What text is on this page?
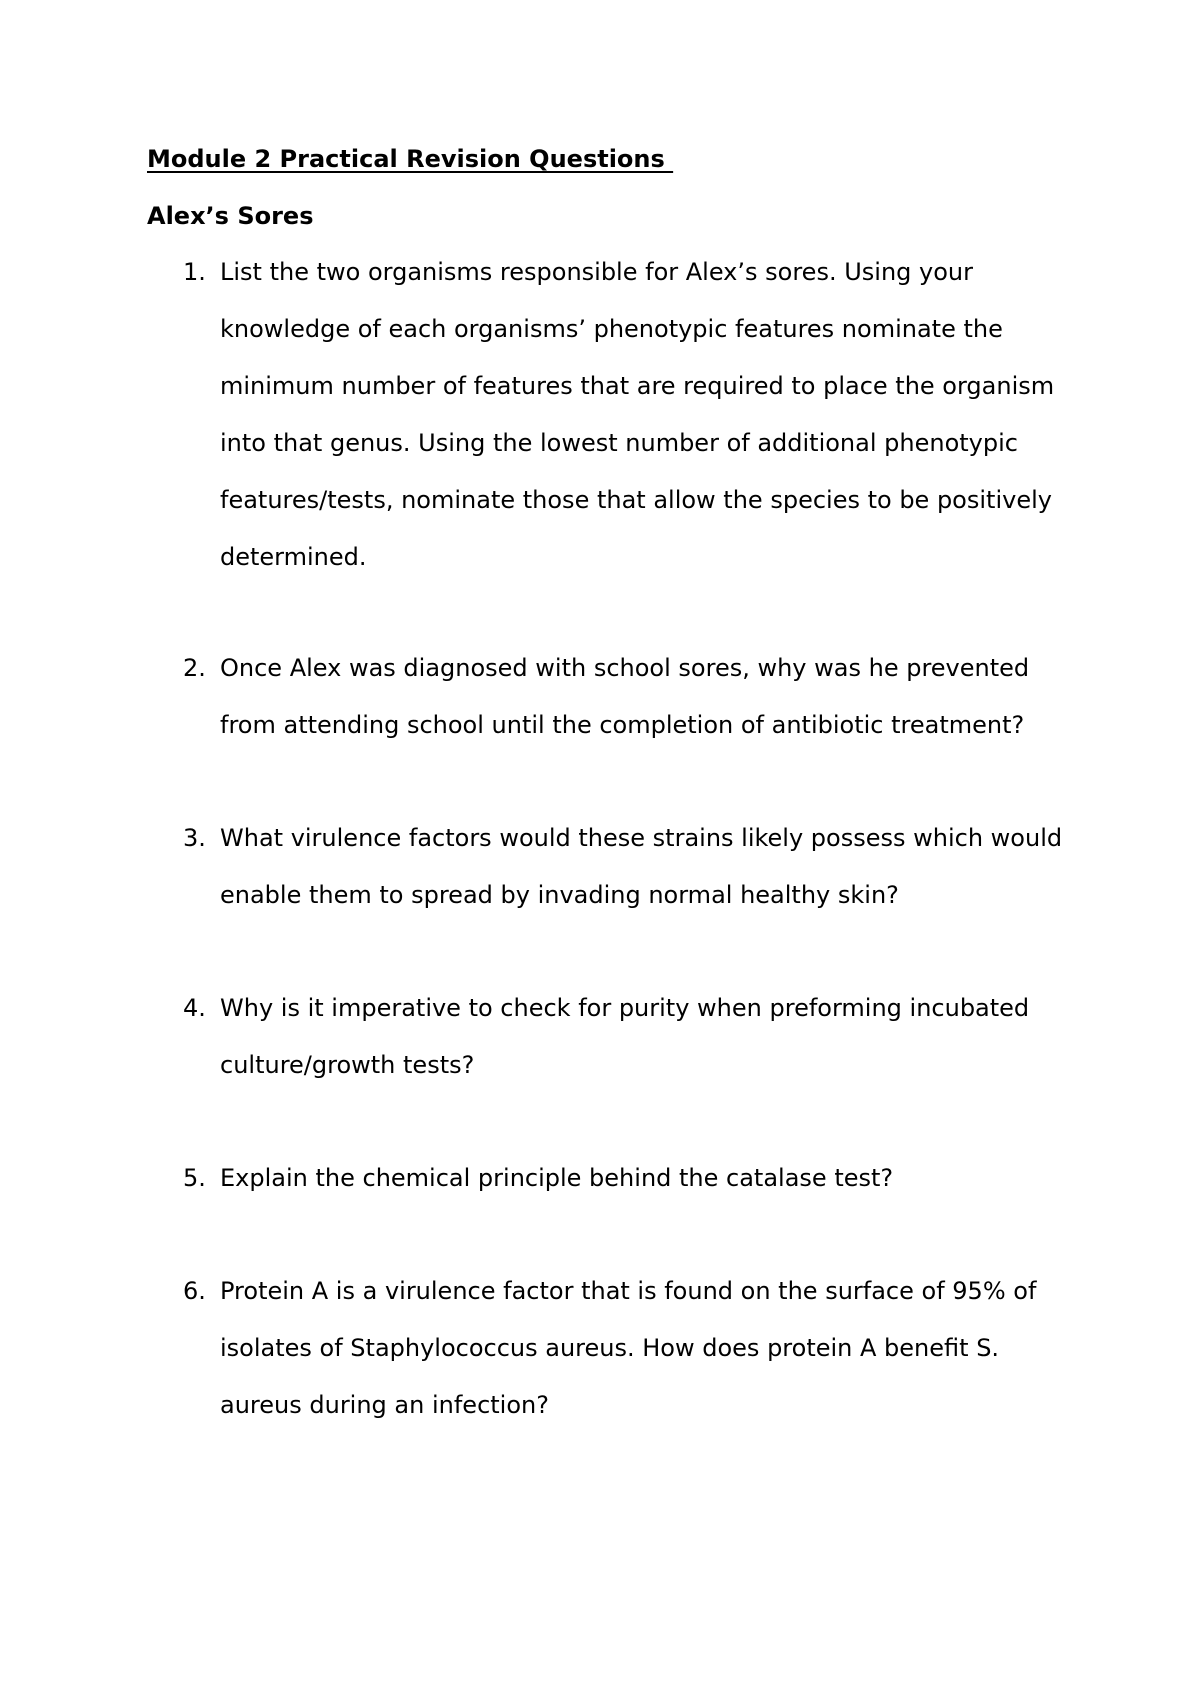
Module 2 Practical Revision Questions
Alex’s Sores
1. List the two organisms responsible for Alex’s sores. Using your knowledge of each organisms’ phenotypic features nominate the minimum number of features that are required to place the organism into that genus. Using the lowest number of additional phenotypic features/tests, nominate those that allow the species to be positively determined.
2. Once Alex was diagnosed with school sores, why was he prevented from attending school until the completion of antibiotic treatment?
3. What virulence factors would these strains likely possess which would enable them to spread by invading normal healthy skin?
4. Why is it imperative to check for purity when preforming incubated culture/growth tests?
5. Explain the chemical principle behind the catalase test?
6. Protein A is a virulence factor that is found on the surface of 95% of isolates of Staphylococcus aureus. How does protein A benefit S. aureus during an infection?
